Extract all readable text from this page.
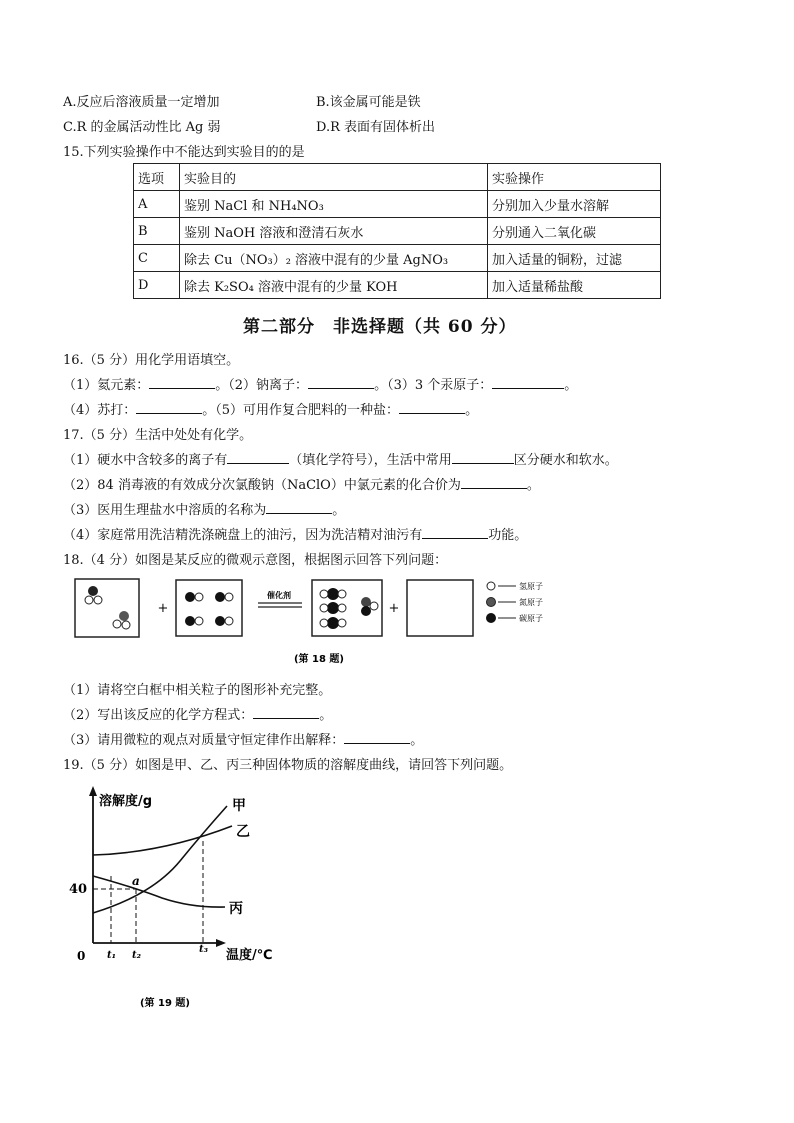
A.反应后溶液质量一定增加	B.该金属可能是铁
C.R 的金属活动性比 Ag 弱	D.R 表面有固体析出
15.下列实验操作中不能达到实验目的的是
选项	实验目的	实验操作
A	鉴别 NaCl 和 NH₄NO₃	分别加入少量水溶解
B	鉴别 NaOH 溶液和澄清石灰水	分别通入二氧化碳
C	除去 Cu（NO₃）₂ 溶液中混有的少量 AgNO₃	加入适量的铜粉，过滤
D	除去 K₂SO₄ 溶液中混有的少量 KOH	加入适量稀盐酸
第二部分　非选择题（共 60 分）
16.（5 分）用化学用语填空。
（1）氦元素：	。（2）钠离子：	。（3）3 个汞原子：	。
（4）苏打：	。（5）可用作复合肥料的一种盐：	。
17.（5 分）生活中处处有化学。
（1）硬水中含较多的离子有	（填化学符号），生活中常用	区分硬水和软水。
（2）84 消毒液的有效成分次氯酸钠（NaClO）中氯元素的化合价为	。
（3）医用生理盐水中溶质的名称为	。
（4）家庭常用洗洁精洗涤碗盘上的油污，因为洗洁精对油污有	功能。
18.（4 分）如图是某反应的微观示意图，根据图示回答下列问题：
+
催化剂
+
氢原子
氮原子
碳原子
(第 18 题)
（1）请将空白框中相关粒子的图形补充完整。
（2）写出该反应的化学方程式：	。
（3）请用微粒的观点对质量守恒定律作出解释：	。
19.（5 分）如图是甲、乙、丙三种固体物质的溶解度曲线，请回答下列问题。
溶解度/g
温度/℃
0
40
甲
乙
丙
a
t₁ t₂
t₃
(第 19 题)
